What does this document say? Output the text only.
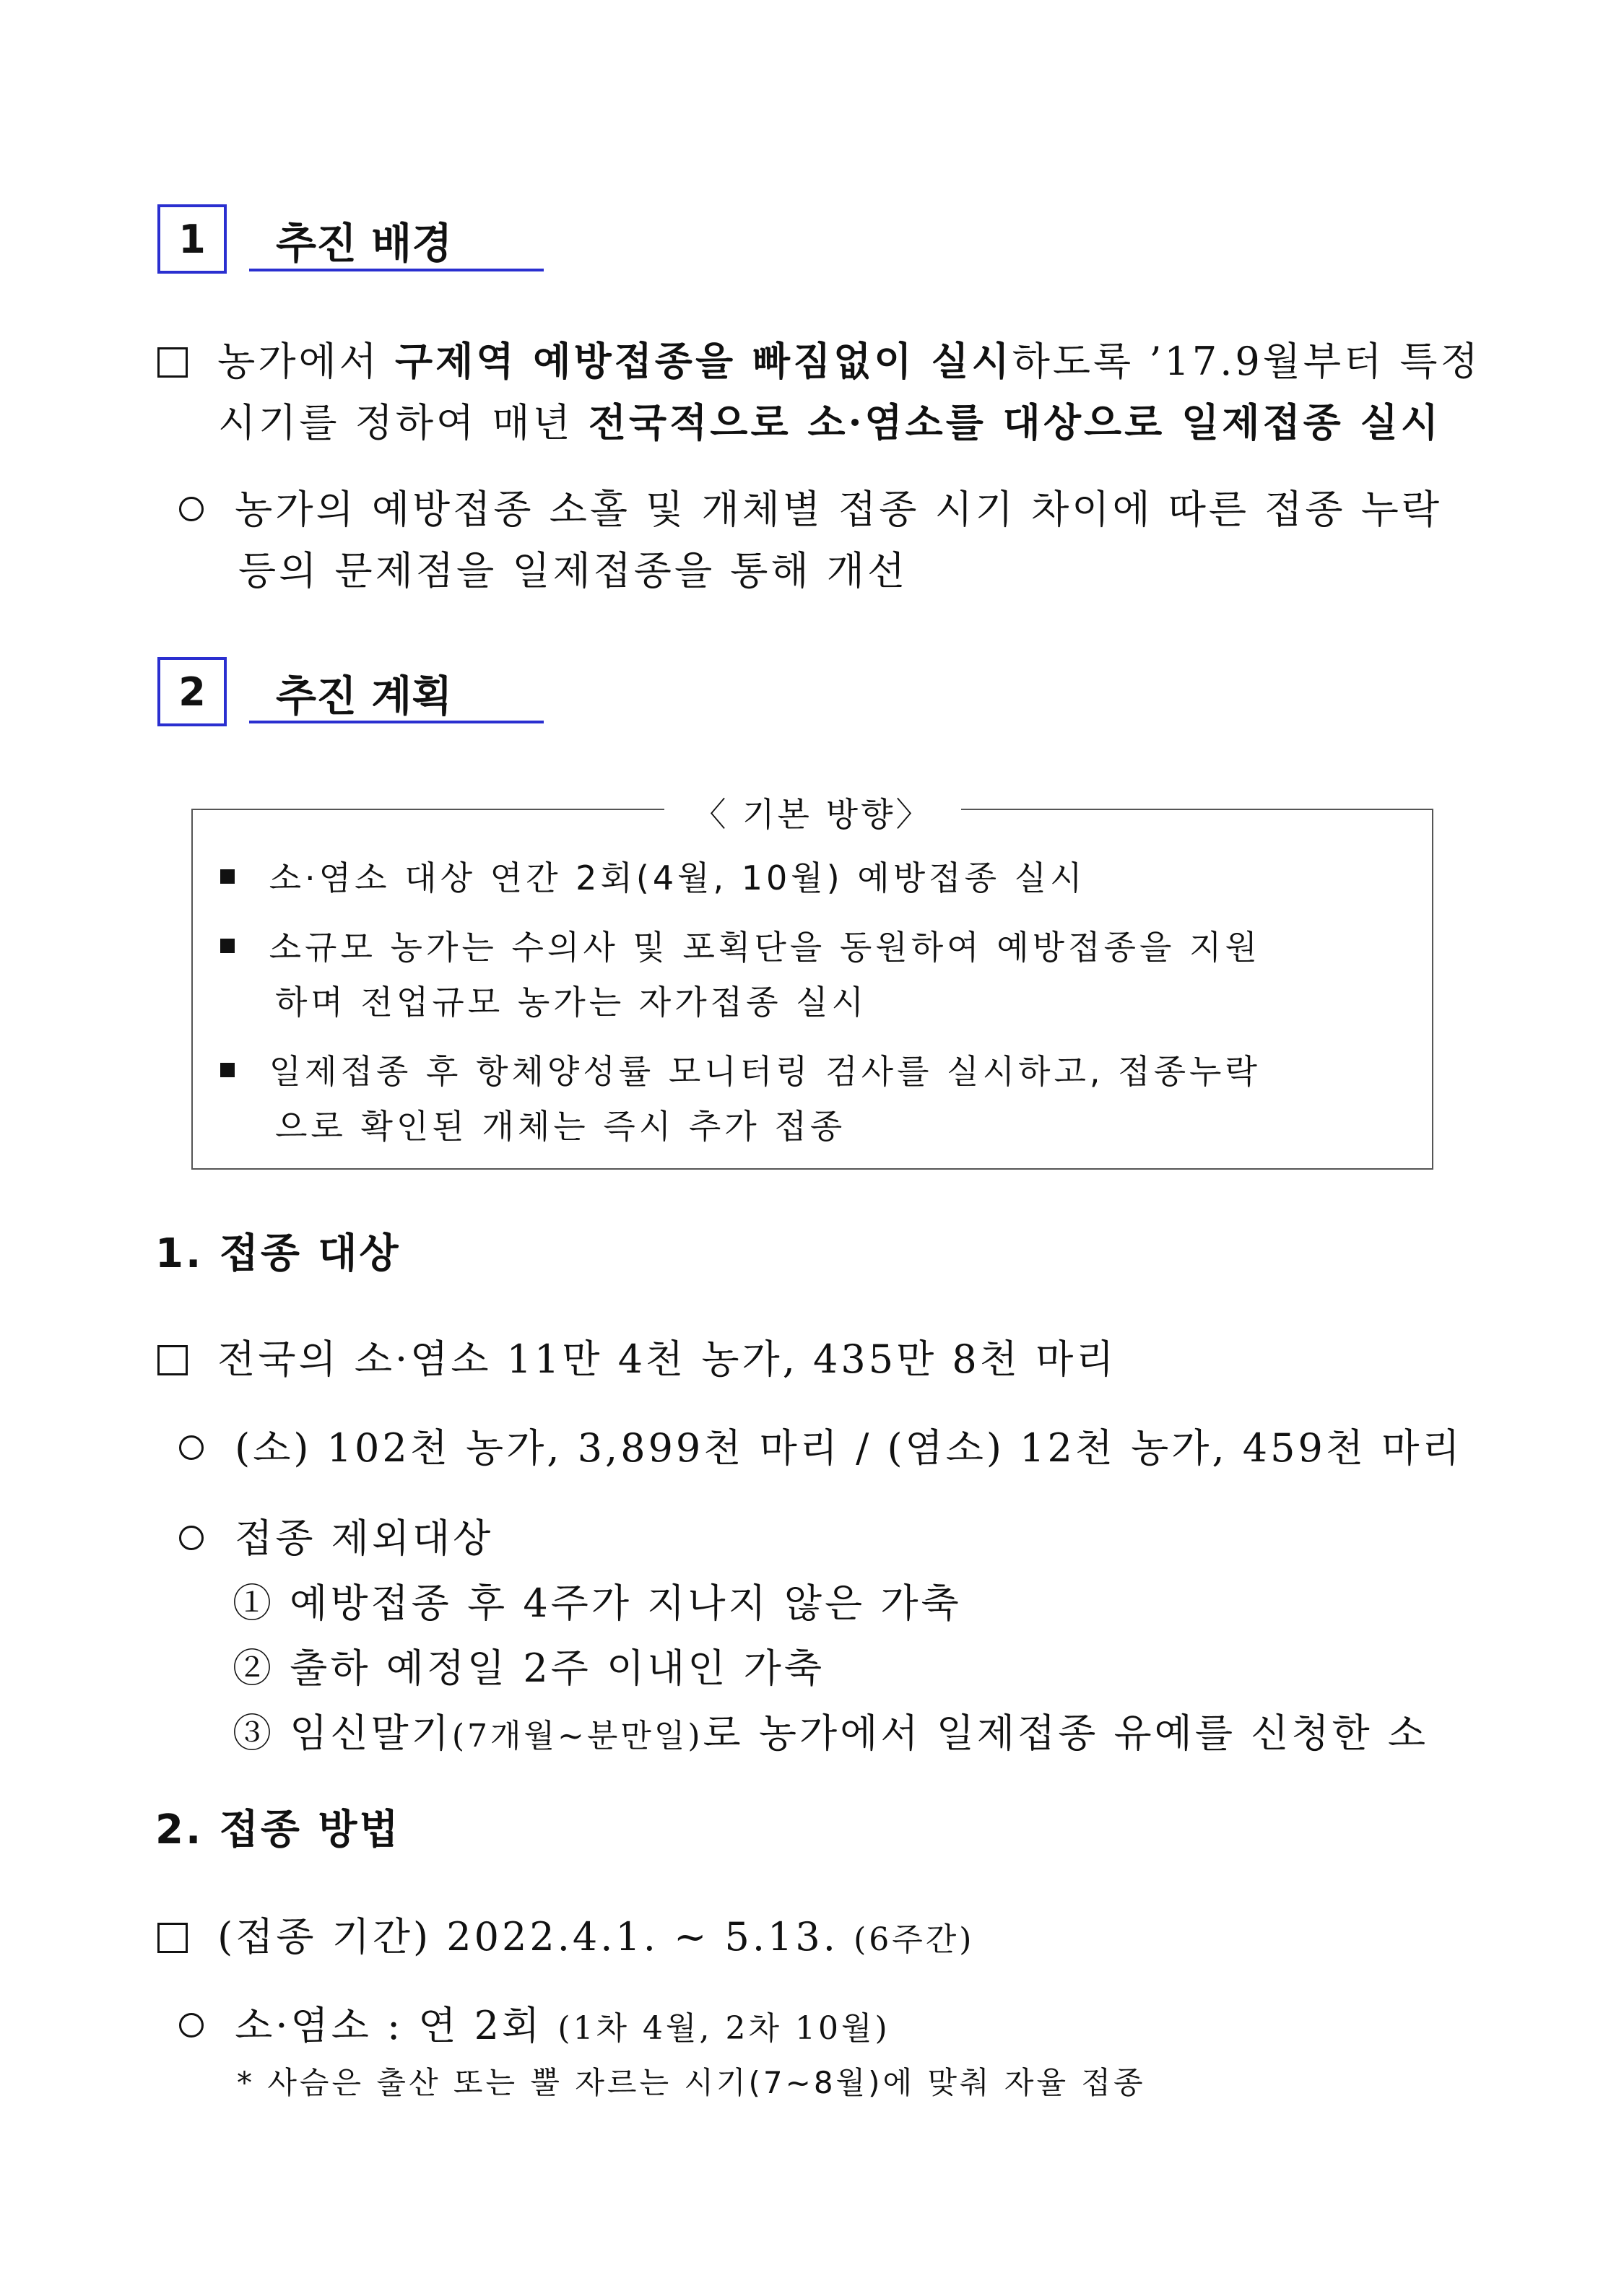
1	추진 배경
농가에서 구제역 예방접종을 빠짐없이 실시하도록 ’17.9월부터 특정
시기를 정하여 매년 전국적으로 소·염소를 대상으로 일제접종 실시
농가의 예방접종 소홀 및 개체별 접종 시기 차이에 따른 접종 누락
등의 문제점을 일제접종을 통해 개선
2	추진 계획
〈 기본 방향〉
소·염소 대상 연간 2회(4월, 10월) 예방접종 실시
소규모 농가는 수의사 및 포획단을 동원하여 예방접종을 지원
하며 전업규모 농가는 자가접종 실시
일제접종 후 항체양성률 모니터링 검사를 실시하고, 접종누락
으로 확인된 개체는 즉시 추가 접종
1. 접종 대상
전국의 소·염소 11만 4천 농가, 435만 8천 마리
(소) 102천 농가, 3,899천 마리 / (염소) 12천 농가, 459천 마리
접종 제외대상
① 예방접종 후 4주가 지나지 않은 가축
② 출하 예정일 2주 이내인 가축
③ 임신말기(7개월~분만일)로 농가에서 일제접종 유예를 신청한 소
2. 접종 방법
(접종 기간) 2022.4.1. ~ 5.13. (6주간)
소·염소 : 연 2회 (1차 4월, 2차 10월)
* 사슴은 출산 또는 뿔 자르는 시기(7~8월)에 맞춰 자율 접종
